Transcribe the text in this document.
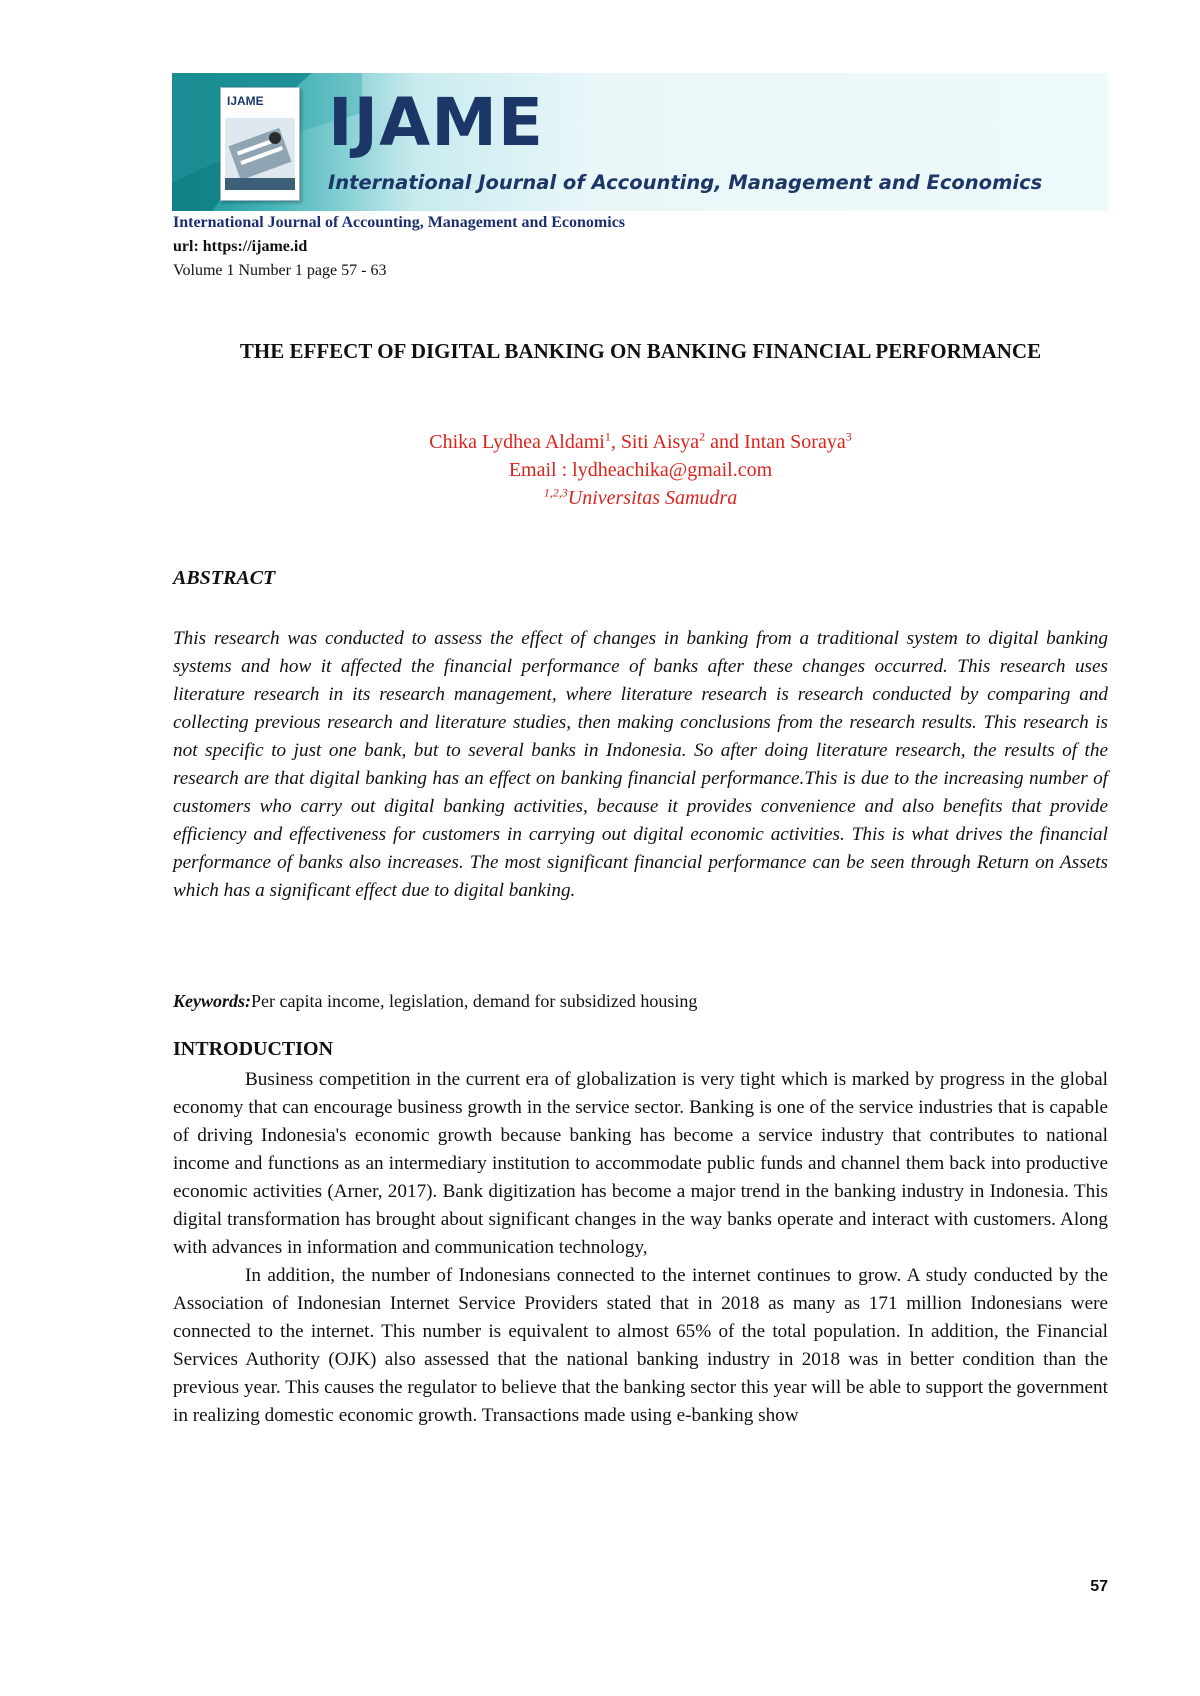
IJAME IJAME
International Journal of Accounting, Management and Economics
International Journal of Accounting, Management and Economics
url: https://ijame.id
Volume 1 Number 1 page 57 - 63
THE EFFECT OF DIGITAL BANKING ON BANKING FINANCIAL PERFORMANCE
Chika Lydhea Aldami$^1$, Siti Aisya$^2$ and Intan Soraya$^3$
Email : lydheachika@gmail.com
$^{1,2,3}$Universitas Samudra
ABSTRACT
This research was conducted to assess the effect of changes in banking from a traditional system to digital banking systems and how it affected the financial performance of banks after these changes occurred. This research uses literature research in its research management, where literature research is research conducted by comparing and collecting previous research and literature studies, then making conclusions from the research results. This research is not specific to just one bank, but to several banks in Indonesia. So after doing literature research, the results of the research are that digital banking has an effect on banking financial performance.This is due to the increasing number of customers who carry out digital banking activities, because it provides convenience and also benefits that provide efficiency and effectiveness for customers in carrying out digital economic activities. This is what drives the financial performance of banks also increases. The most significant financial performance can be seen through Return on Assets which has a significant effect due to digital banking.
Keywords:Per capita income, legislation, demand for subsidized housing
INTRODUCTION

Business competition in the current era of globalization is very tight which is marked by progress in the global economy that can encourage business growth in the service sector. Banking is one of the service industries that is capable of driving Indonesia's economic growth because banking has become a service industry that contributes to national income and functions as an intermediary institution to accommodate public funds and channel them back into productive economic activities (Arner, 2017). Bank digitization has become a major trend in the banking industry in Indonesia. This digital transformation has brought about significant changes in the way banks operate and interact with customers. Along with advances in information and communication technology,

In addition, the number of Indonesians connected to the internet continues to grow. A study conducted by the Association of Indonesian Internet Service Providers stated that in 2018 as many as 171 million Indonesians were connected to the internet. This number is equivalent to almost 65% of the total population. In addition, the Financial Services Authority (OJK) also assessed that the national banking industry in 2018 was in better condition than the previous year. This causes the regulator to believe that the banking sector this year will be able to support the government in realizing domestic economic growth. Transactions made using e-banking show

57
